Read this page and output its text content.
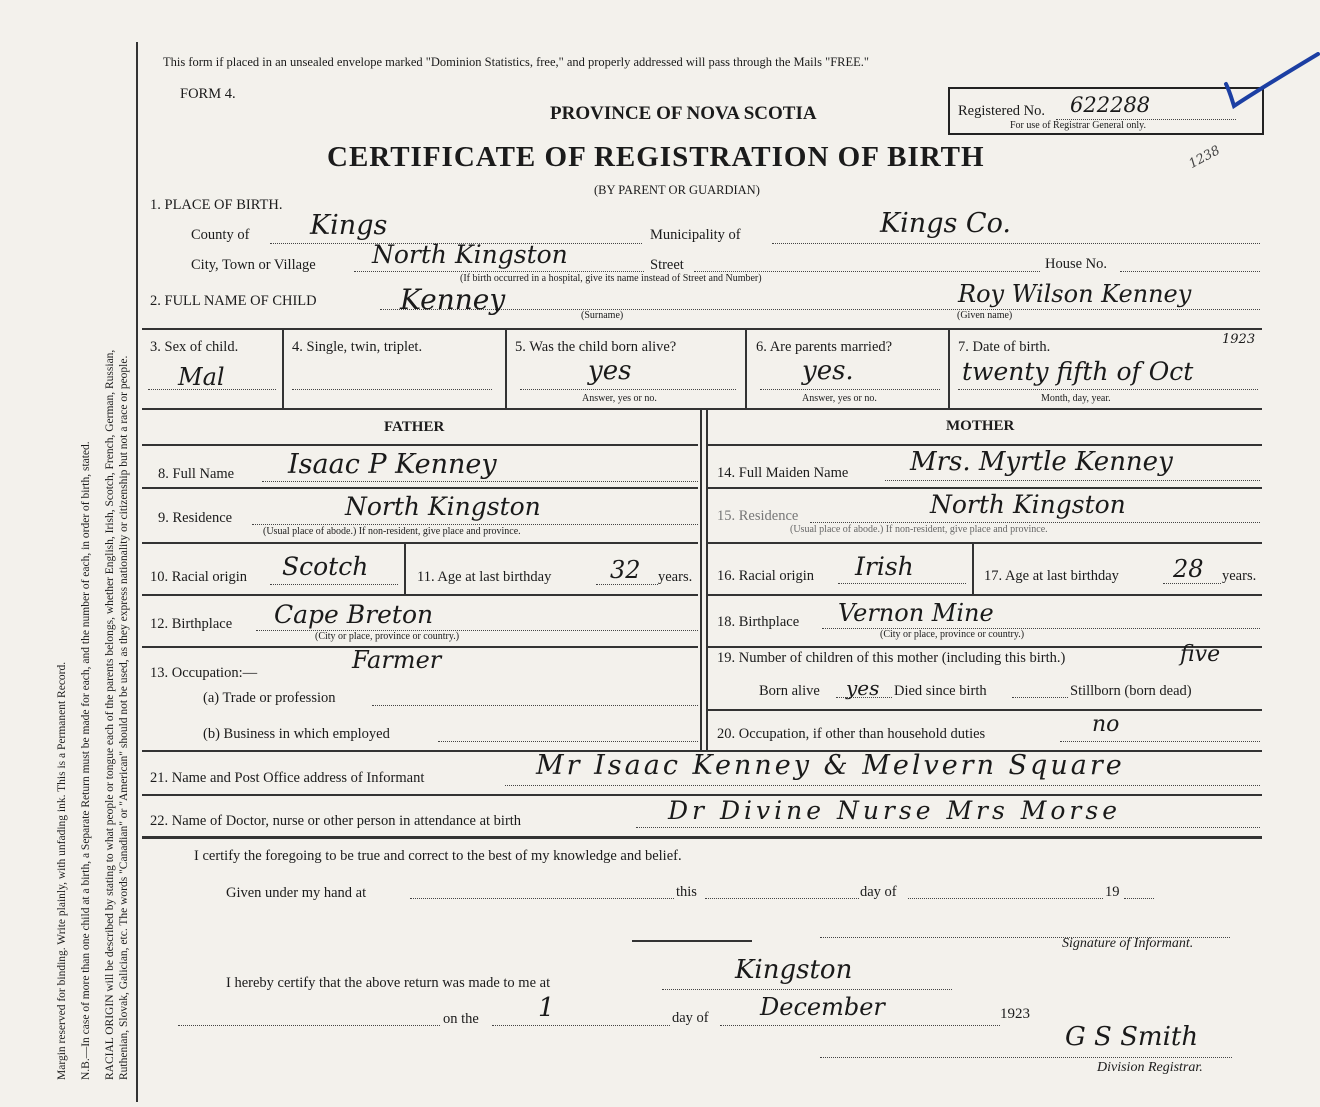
Margin reserved for binding. Write plainly, with unfading ink. This is a Permanent Record. N.B.—In case of more than one child at a birth, a Separate Return must be made for each, and the number of each, in order of birth, stated. RACIAL ORIGIN will be described by stating to what people or tongue each of the parents belongs, whether English, Irish, Scotch, French, German, Russian, Ruthenian, Slovak, Galician, etc. The words "Canadian" or "American" should not be used, as they express nationality or citizenship but not a race or people.
This form if placed in an unsealed envelope marked "Dominion Statistics, free," and properly addressed will pass through the Mails "FREE."
FORM 4.
PROVINCE OF NOVA SCOTIA	Registered No. 622288
For use of Registrar General only.
1238
CERTIFICATE OF REGISTRATION OF BIRTH
(BY PARENT OR GUARDIAN)
1. PLACE OF BIRTH.
County of Kings	Municipality of	Kings Co.
City, Town or Village North Kingston	Street	House No.
(If birth occurred in a hospital, give its name instead of Street and Number)
2. FULL NAME OF CHILD	Kenney	(Surname)
Roy Wilson Kenney
(Given name)
3. Sex of child.
Mal
4. Single, twin, triplet.	5. Was the child born alive?
yes
Answer, yes or no.
6. Are parents married?
yes.
Answer, yes or no.
7. Date of birth.	1923
twenty fifth of Oct
Month, day, year.
FATHER
8. Full Name Isaac P Kenney
9. Residence	North Kingston
(Usual place of abode.) If non-resident, give place and province.
10. Racial origin Scotch	11. Age at last birthday 32 years.
12. Birthplace Cape Breton
(City or place, province or country.)
13. Occupation:—	Farmer
(a) Trade or profession
(b) Business in which employed
MOTHER
14. Full Maiden Name Mrs. Myrtle Kenney
15. Residence	North Kingston
(Usual place of abode.) If non-resident, give place and province.
16. Racial origin Irish	17. Age at last birthday 28 years.
18. Birthplace Vernon Mine
(City or place, province or country.)
19. Number of children of this mother (including this birth.)	five
Born alive yes Died since birth	Stillborn (born dead)
20. Occupation, if other than household duties	no
21. Name and Post Office address of Informant	Mr Isaac Kenney & Melvern Square
22. Name of Doctor, nurse or other person in attendance at birth	Dr Divine Nurse Mrs Morse
I certify the foregoing to be true and correct to the best of my knowledge and belief.
Given under my hand at	this	day of	19
Signature of Informant.
I hereby certify that the above return was made to me at	Kingston
on the 1	day of December	1923
G S Smith
Division Registrar.
